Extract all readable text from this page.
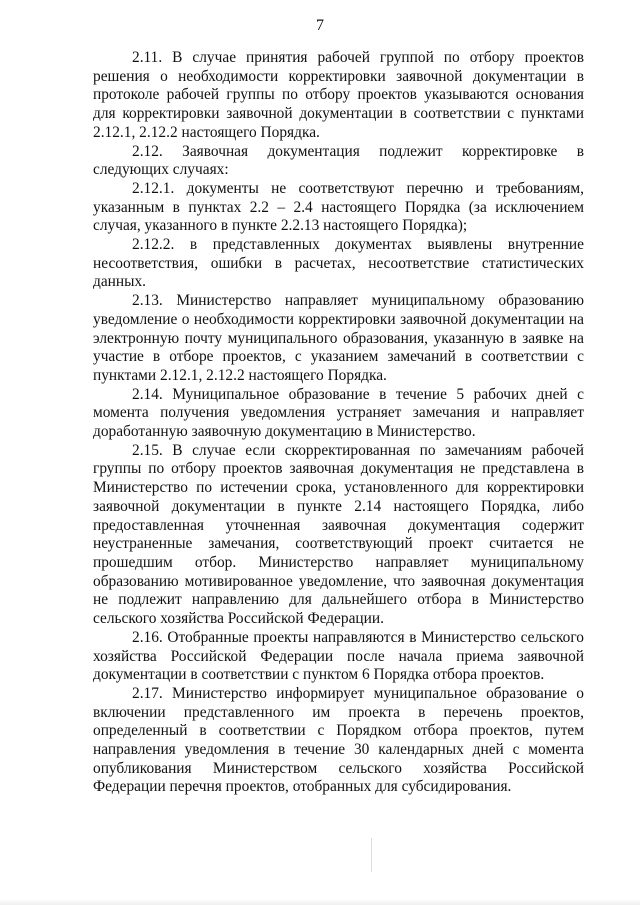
7

2.11. В случае принятия рабочей группой по отбору проектов решения о необходимости корректировки заявочной документации в протоколе рабочей группы по отбору проектов указываются основания для корректировки заявочной документации в соответствии с пунктами 2.12.1, 2.12.2 настоящего Порядка.

2.12. Заявочная документация подлежит корректировке в следующих случаях:

2.12.1. документы не соответствуют перечню и требованиям, указанным в пунктах 2.2 – 2.4 настоящего Порядка (за исключением случая, указанного в пункте 2.2.13 настоящего Порядка);

2.12.2. в представленных документах выявлены внутренние несоответствия, ошибки в расчетах, несоответствие статистических данных.

2.13. Министерство направляет муниципальному образованию уведомление о необходимости корректировки заявочной документации на электронную почту муниципального образования, указанную в заявке на участие в отборе проектов, с указанием замечаний в соответствии с пунктами 2.12.1, 2.12.2 настоящего Порядка.

2.14. Муниципальное образование в течение 5 рабочих дней с момента получения уведомления устраняет замечания и направляет доработанную заявочную документацию в Министерство.

2.15. В случае если скорректированная по замечаниям рабочей группы по отбору проектов заявочная документация не представлена в Министерство по истечении срока, установленного для корректировки заявочной документации в пункте 2.14 настоящего Порядка, либо предоставленная уточненная заявочная документация содержит неустраненные замечания, соответствующий проект считается не прошедшим отбор. Министерство направляет муниципальному образованию мотивированное уведомление, что заявочная документация не подлежит направлению для дальнейшего отбора в Министерство сельского хозяйства Российской Федерации.

2.16. Отобранные проекты направляются в Министерство сельского хозяйства Российской Федерации после начала приема заявочной документации в соответствии с пунктом 6 Порядка отбора проектов.

2.17. Министерство информирует муниципальное образование о включении представленного им проекта в перечень проектов, определенный в соответствии с Порядком отбора проектов, путем направления уведомления в течение 30 календарных дней с момента опубликования Министерством сельского хозяйства Российской Федерации перечня проектов, отобранных для субсидирования.
